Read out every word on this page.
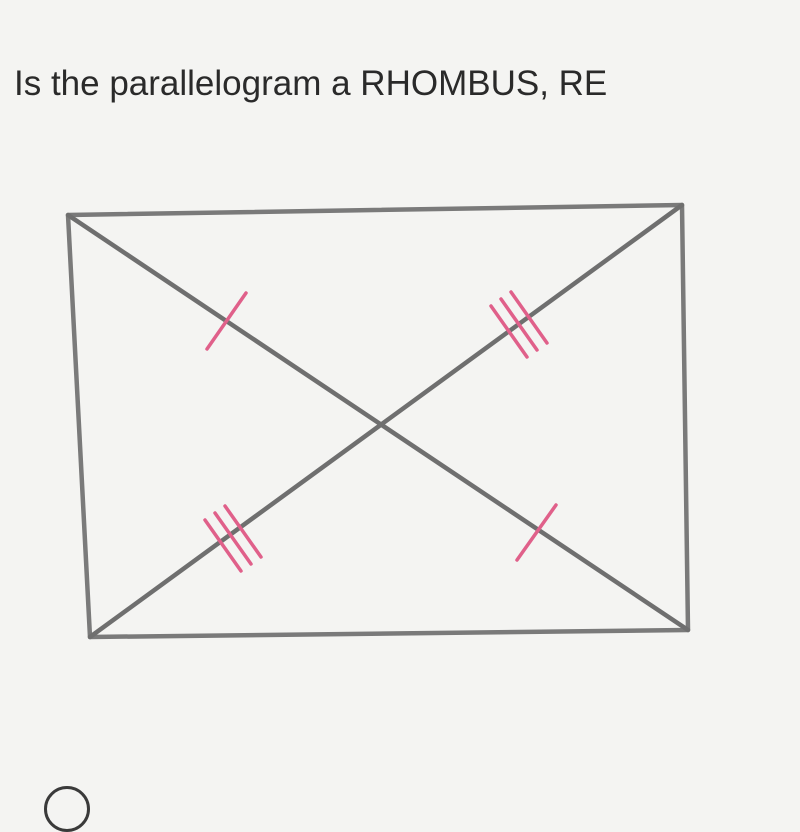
Is the parallelogram a RHOMBUS, RE
